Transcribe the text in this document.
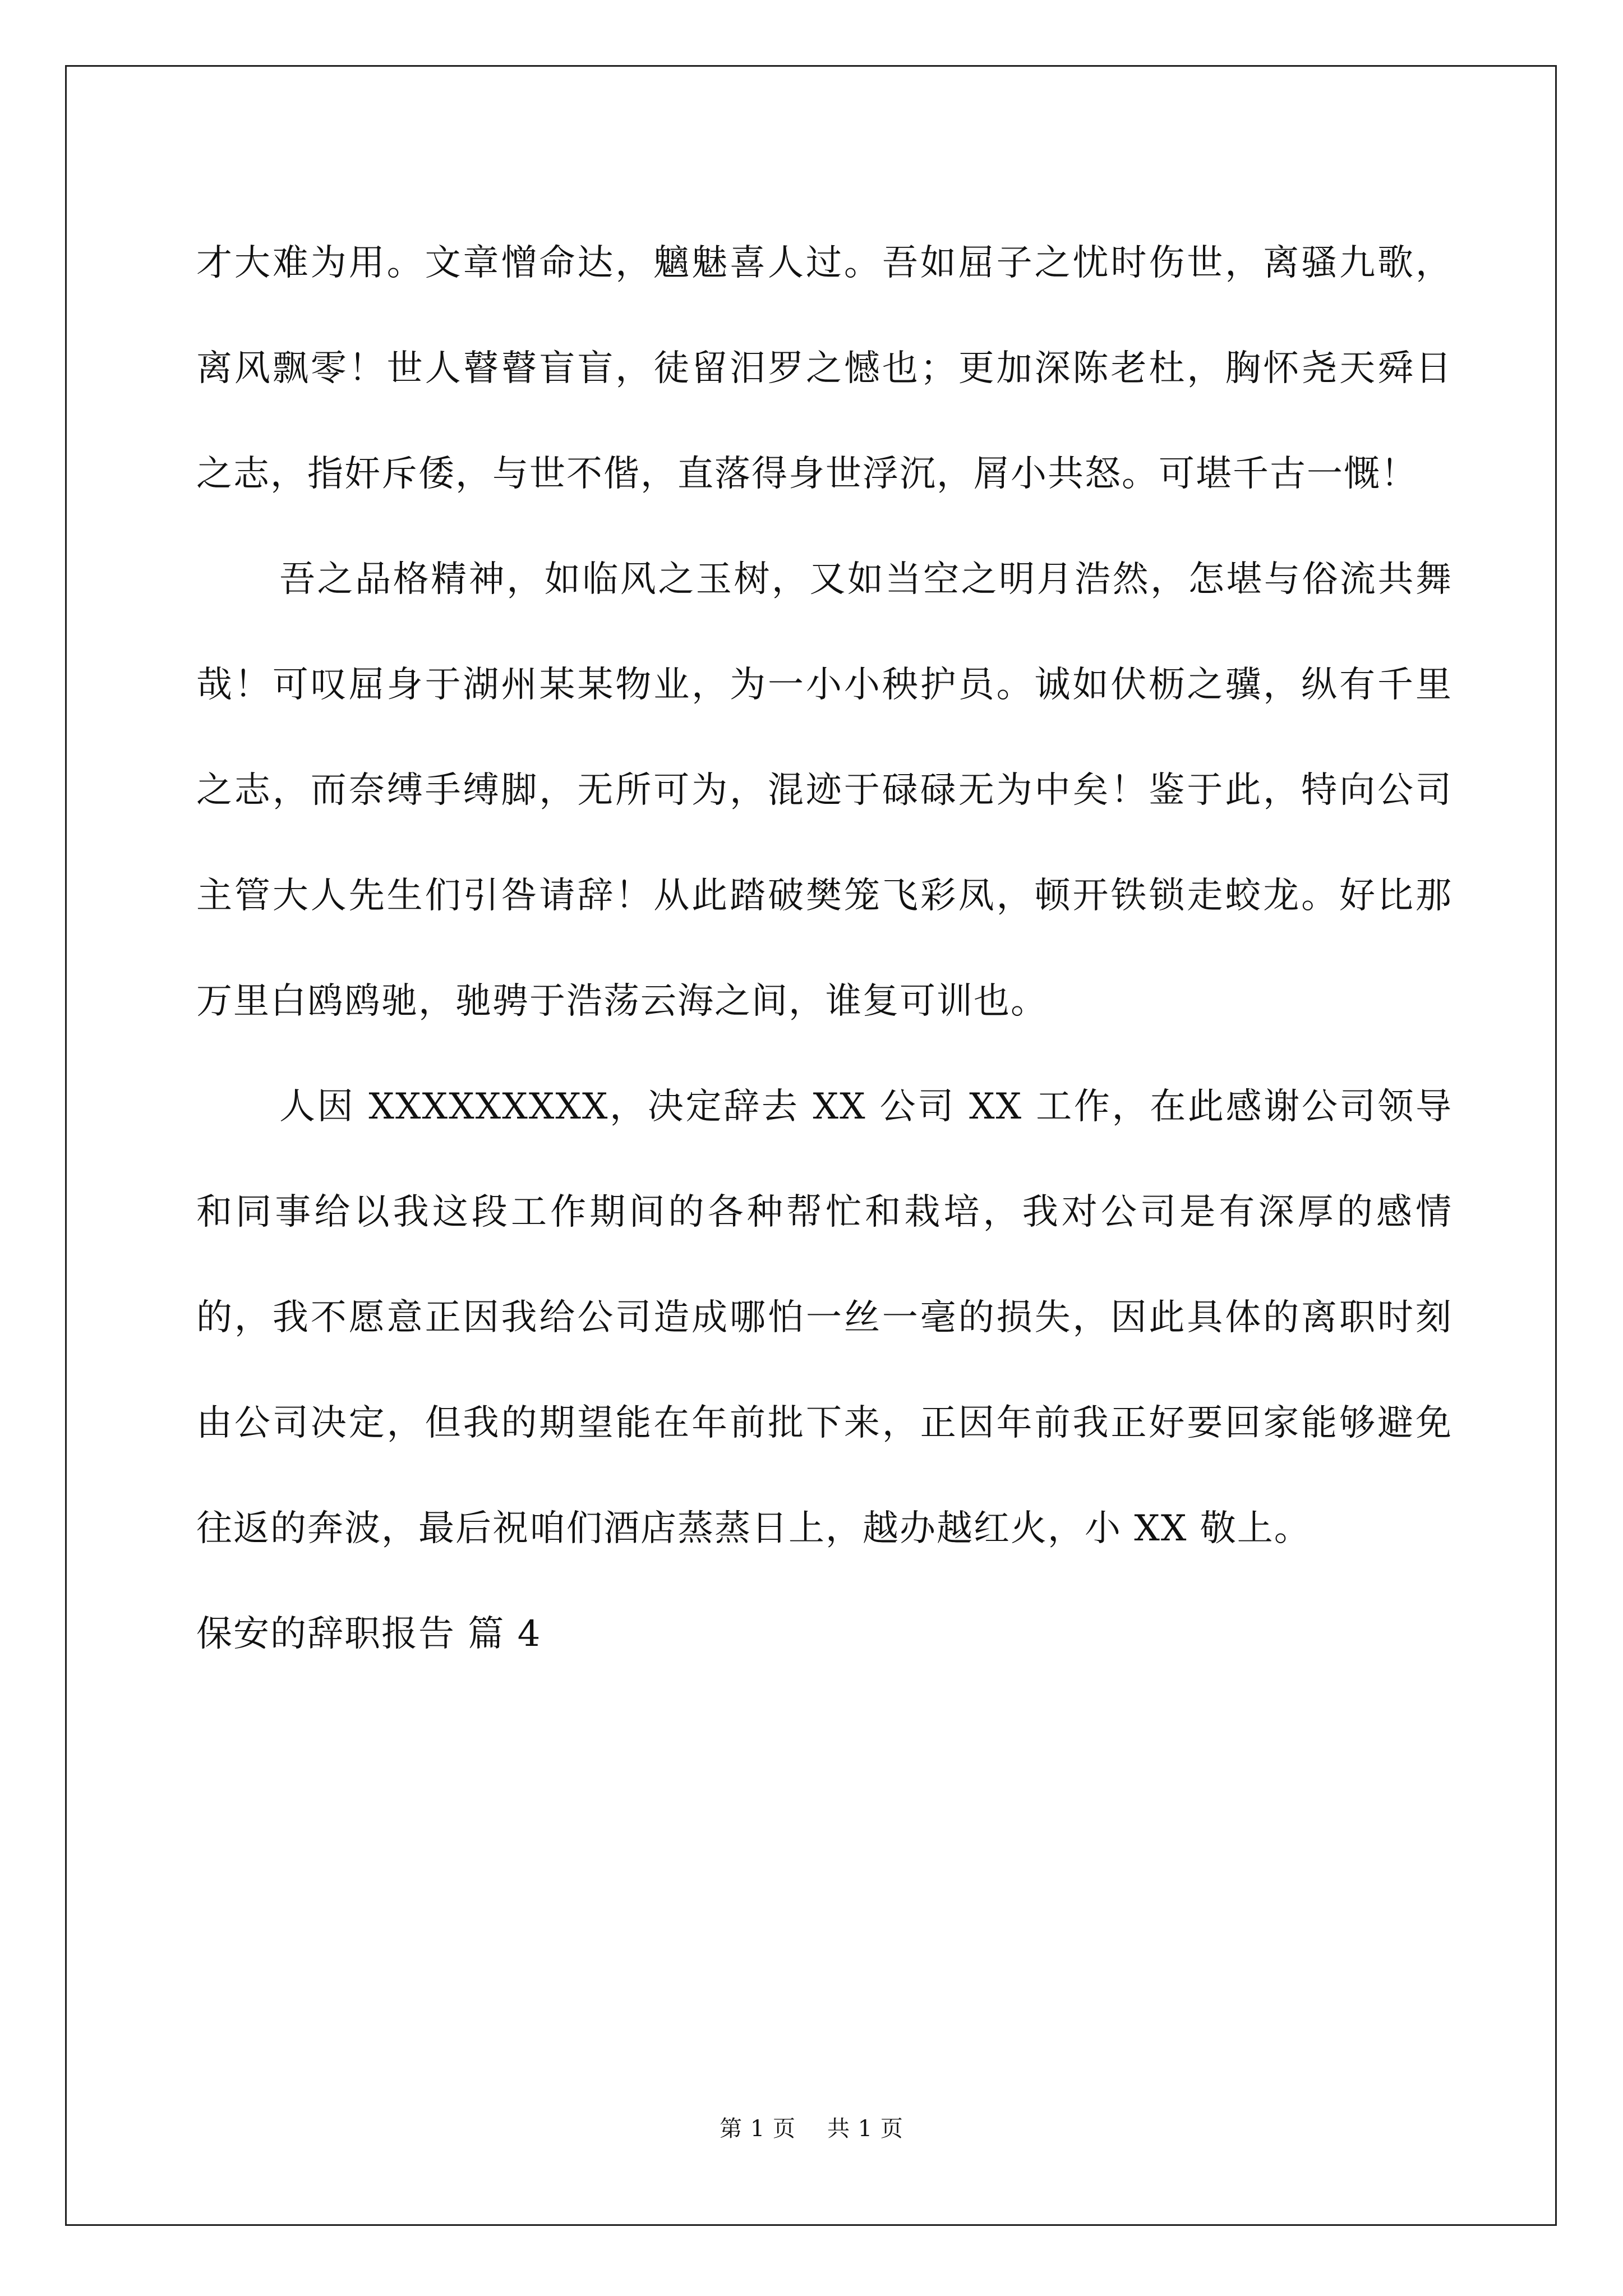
才大难为用。文章憎命达，魑魅喜人过。吾如屈子之忧时伤世，离骚九歌，离风飘零！世人瞽瞽盲盲，徒留汨罗之憾也；更加深陈老杜，胸怀尧天舜日之志，指奸斥倭，与世不偕，直落得身世浮沉，屑小共怒。可堪千古一慨！

吾之品格精神，如临风之玉树，又如当空之明月浩然，怎堪与俗流共舞哉！可叹屈身于湖州某某物业，为一小小秧护员。诚如伏枥之骥，纵有千里之志，而奈缚手缚脚，无所可为，混迹于碌碌无为中矣！鉴于此，特向公司主管大人先生们引咎请辞！从此踏破樊笼飞彩凤，顿开铁锁走蛟龙。好比那万里白鸥鸥驰，驰骋于浩荡云海之间，谁复可训也。

人因 XXXXXXXXX，决定辞去 XX 公司 XX 工作，在此感谢公司领导和同事给以我这段工作期间的各种帮忙和栽培，我对公司是有深厚的感情的，我不愿意正因我给公司造成哪怕一丝一毫的损失，因此具体的离职时刻由公司决定，但我的期望能在年前批下来，正因年前我正好要回家能够避免往返的奔波，最后祝咱们酒店蒸蒸日上，越办越红火，小 XX 敬上。

保安的辞职报告 篇 4

第 1 页 共 1 页
